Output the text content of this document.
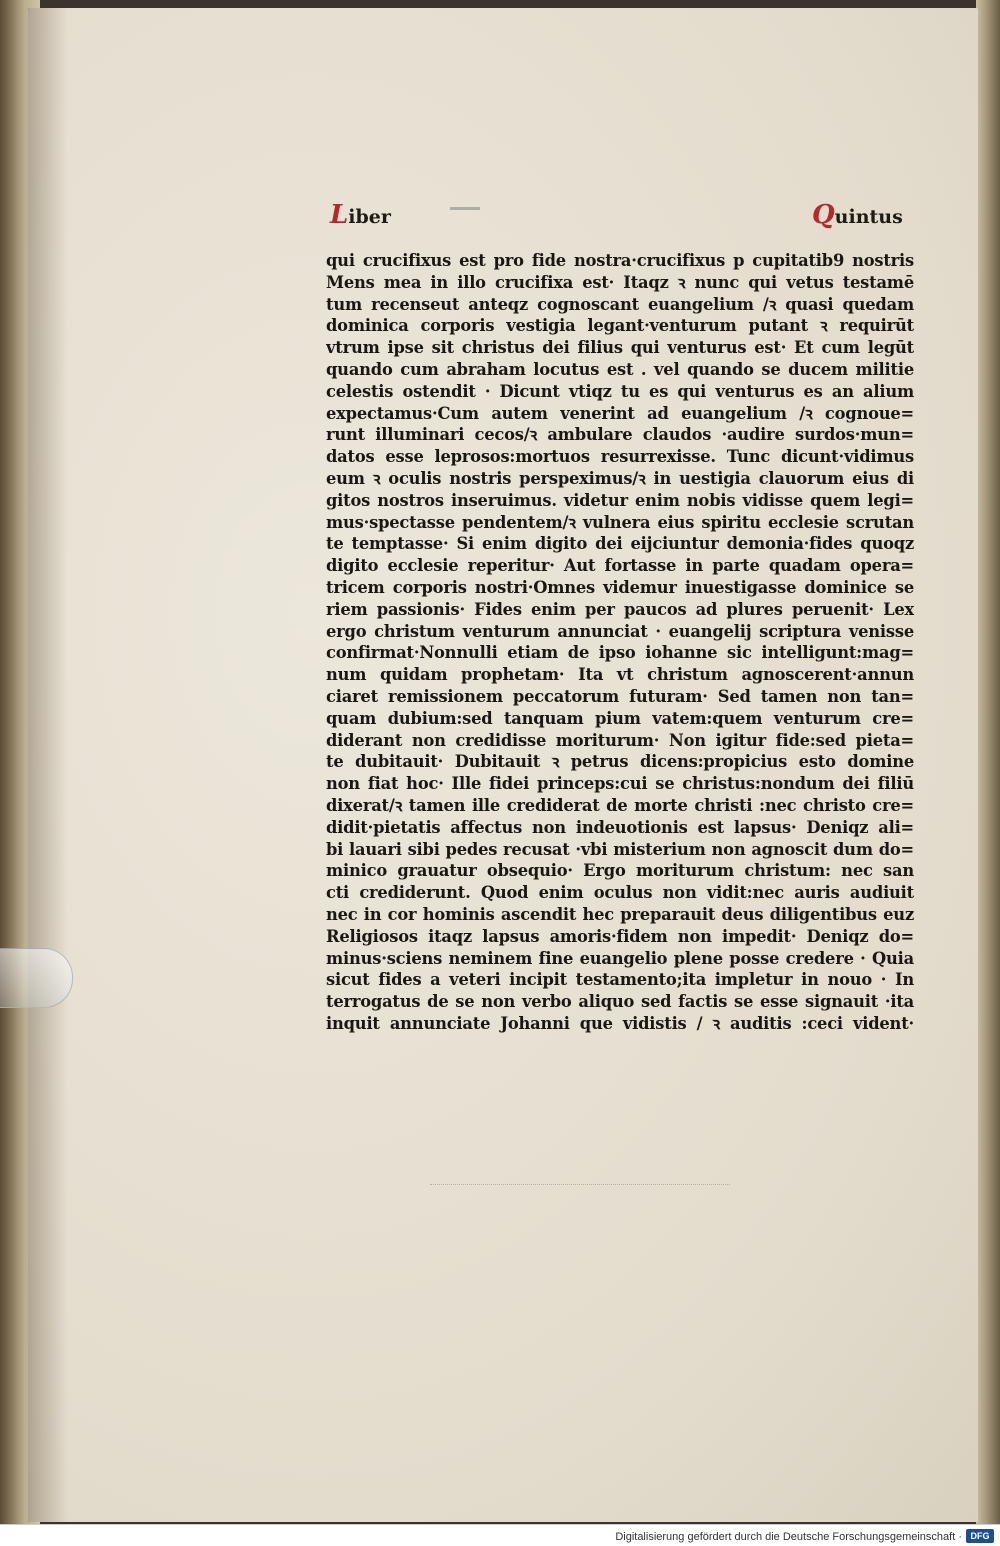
Liber	Quintus
qui crucifixus est pro fide nostra·crucifixus p cupitatib9 nostris
Mens mea in illo crucifixa est· Itaqz ꝛ nunc qui vetus testamē
tum recenseut anteqz cognoscant euangelium /ꝛ quasi quedam
dominica corporis vestigia legant·venturum putant ꝛ requirūt
vtrum ipse sit christus dei filius qui venturus est· Et cum legūt
quando cum abraham locutus est . vel quando se ducem militie
celestis ostendit · Dicunt vtiqz tu es qui venturus es an alium
expectamus·Cum autem venerint ad euangelium /ꝛ cognoue=
runt illuminari cecos/ꝛ ambulare claudos ·audire surdos·mun=
datos esse leprosos:mortuos resurrexisse. Tunc dicunt·vidimus
eum ꝛ oculis nostris perspeximus/ꝛ in uestigia clauorum eius di
gitos nostros inseruimus. videtur enim nobis vidisse quem legi=
mus·spectasse pendentem/ꝛ vulnera eius spiritu ecclesie scrutan
te temptasse· Si enim digito dei eijciuntur demonia·fides quoqz
digito ecclesie reperitur· Aut fortasse in parte quadam opera=
tricem corporis nostri·Omnes videmur inuestigasse dominice se
riem passionis· Fides enim per paucos ad plures peruenit· Lex
ergo christum venturum annunciat · euangelij scriptura venisse
confirmat·Nonnulli etiam de ipso iohanne sic intelligunt:mag=
num quidam prophetam· Ita vt christum agnoscerent·annun
ciaret remissionem peccatorum futuram· Sed tamen non tan=
quam dubium:sed tanquam pium vatem:quem venturum cre=
diderant non credidisse moriturum· Non igitur fide:sed pieta=
te dubitauit· Dubitauit ꝛ petrus dicens:propicius esto domine
non fiat hoc· Ille fidei princeps:cui se christus:nondum dei filiū
dixerat/ꝛ tamen ille crediderat de morte christi :nec christo cre=
didit·pietatis affectus non indeuotionis est lapsus· Deniqz ali=
bi lauari sibi pedes recusat ·vbi misterium non agnoscit dum do=
minico grauatur obsequio· Ergo moriturum christum: nec san
cti crediderunt. Quod enim oculus non vidit:nec auris audiuit
nec in cor hominis ascendit hec preparauit deus diligentibus euz
Religiosos itaqz lapsus amoris·fidem non impedit· Deniqz do=
minus·sciens neminem fine euangelio plene posse credere · Quia
sicut fides a veteri incipit testamento;ita impletur in nouo · In
terrogatus de se non verbo aliquo sed factis se esse signauit ·ita
inquit annunciate Johanni que vidistis / ꝛ auditis :ceci vident·
Digitalisierung gefördert durch die Deutsche Forschungsgemeinschaft · DFG
